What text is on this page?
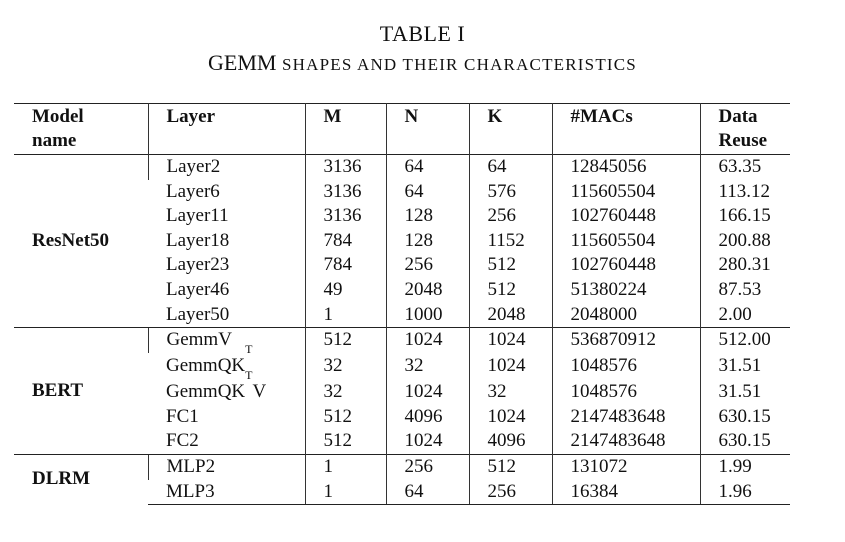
TABLE I
GEMM SHAPES AND THEIR CHARACTERISTICS
Model
name	Layer	M	N	K	#MACs	Data
Reuse
ResNet50	Layer2	3136	64	64	12845056	63.35
	Layer6	3136	64	576	115605504	113.12
	Layer11	3136	128	256	102760448	166.15
	Layer18	784	128	1152	115605504	200.88
	Layer23	784	256	512	102760448	280.31
	Layer46	49	2048	512	51380224	87.53
	Layer50	1	1000	2048	2048000	2.00
BERT	GemmV	512	1024	1024	536870912	512.00
	GemmQK$^T$	32	32	1024	1048576	31.51
	GemmQK$^T$V	32	1024	32	1048576	31.51
	FC1	512	4096	1024	2147483648	630.15
	FC2	512	1024	4096	2147483648	630.15
DLRM	MLP2	1	256	512	131072	1.99
	MLP3	1	64	256	16384	1.96
